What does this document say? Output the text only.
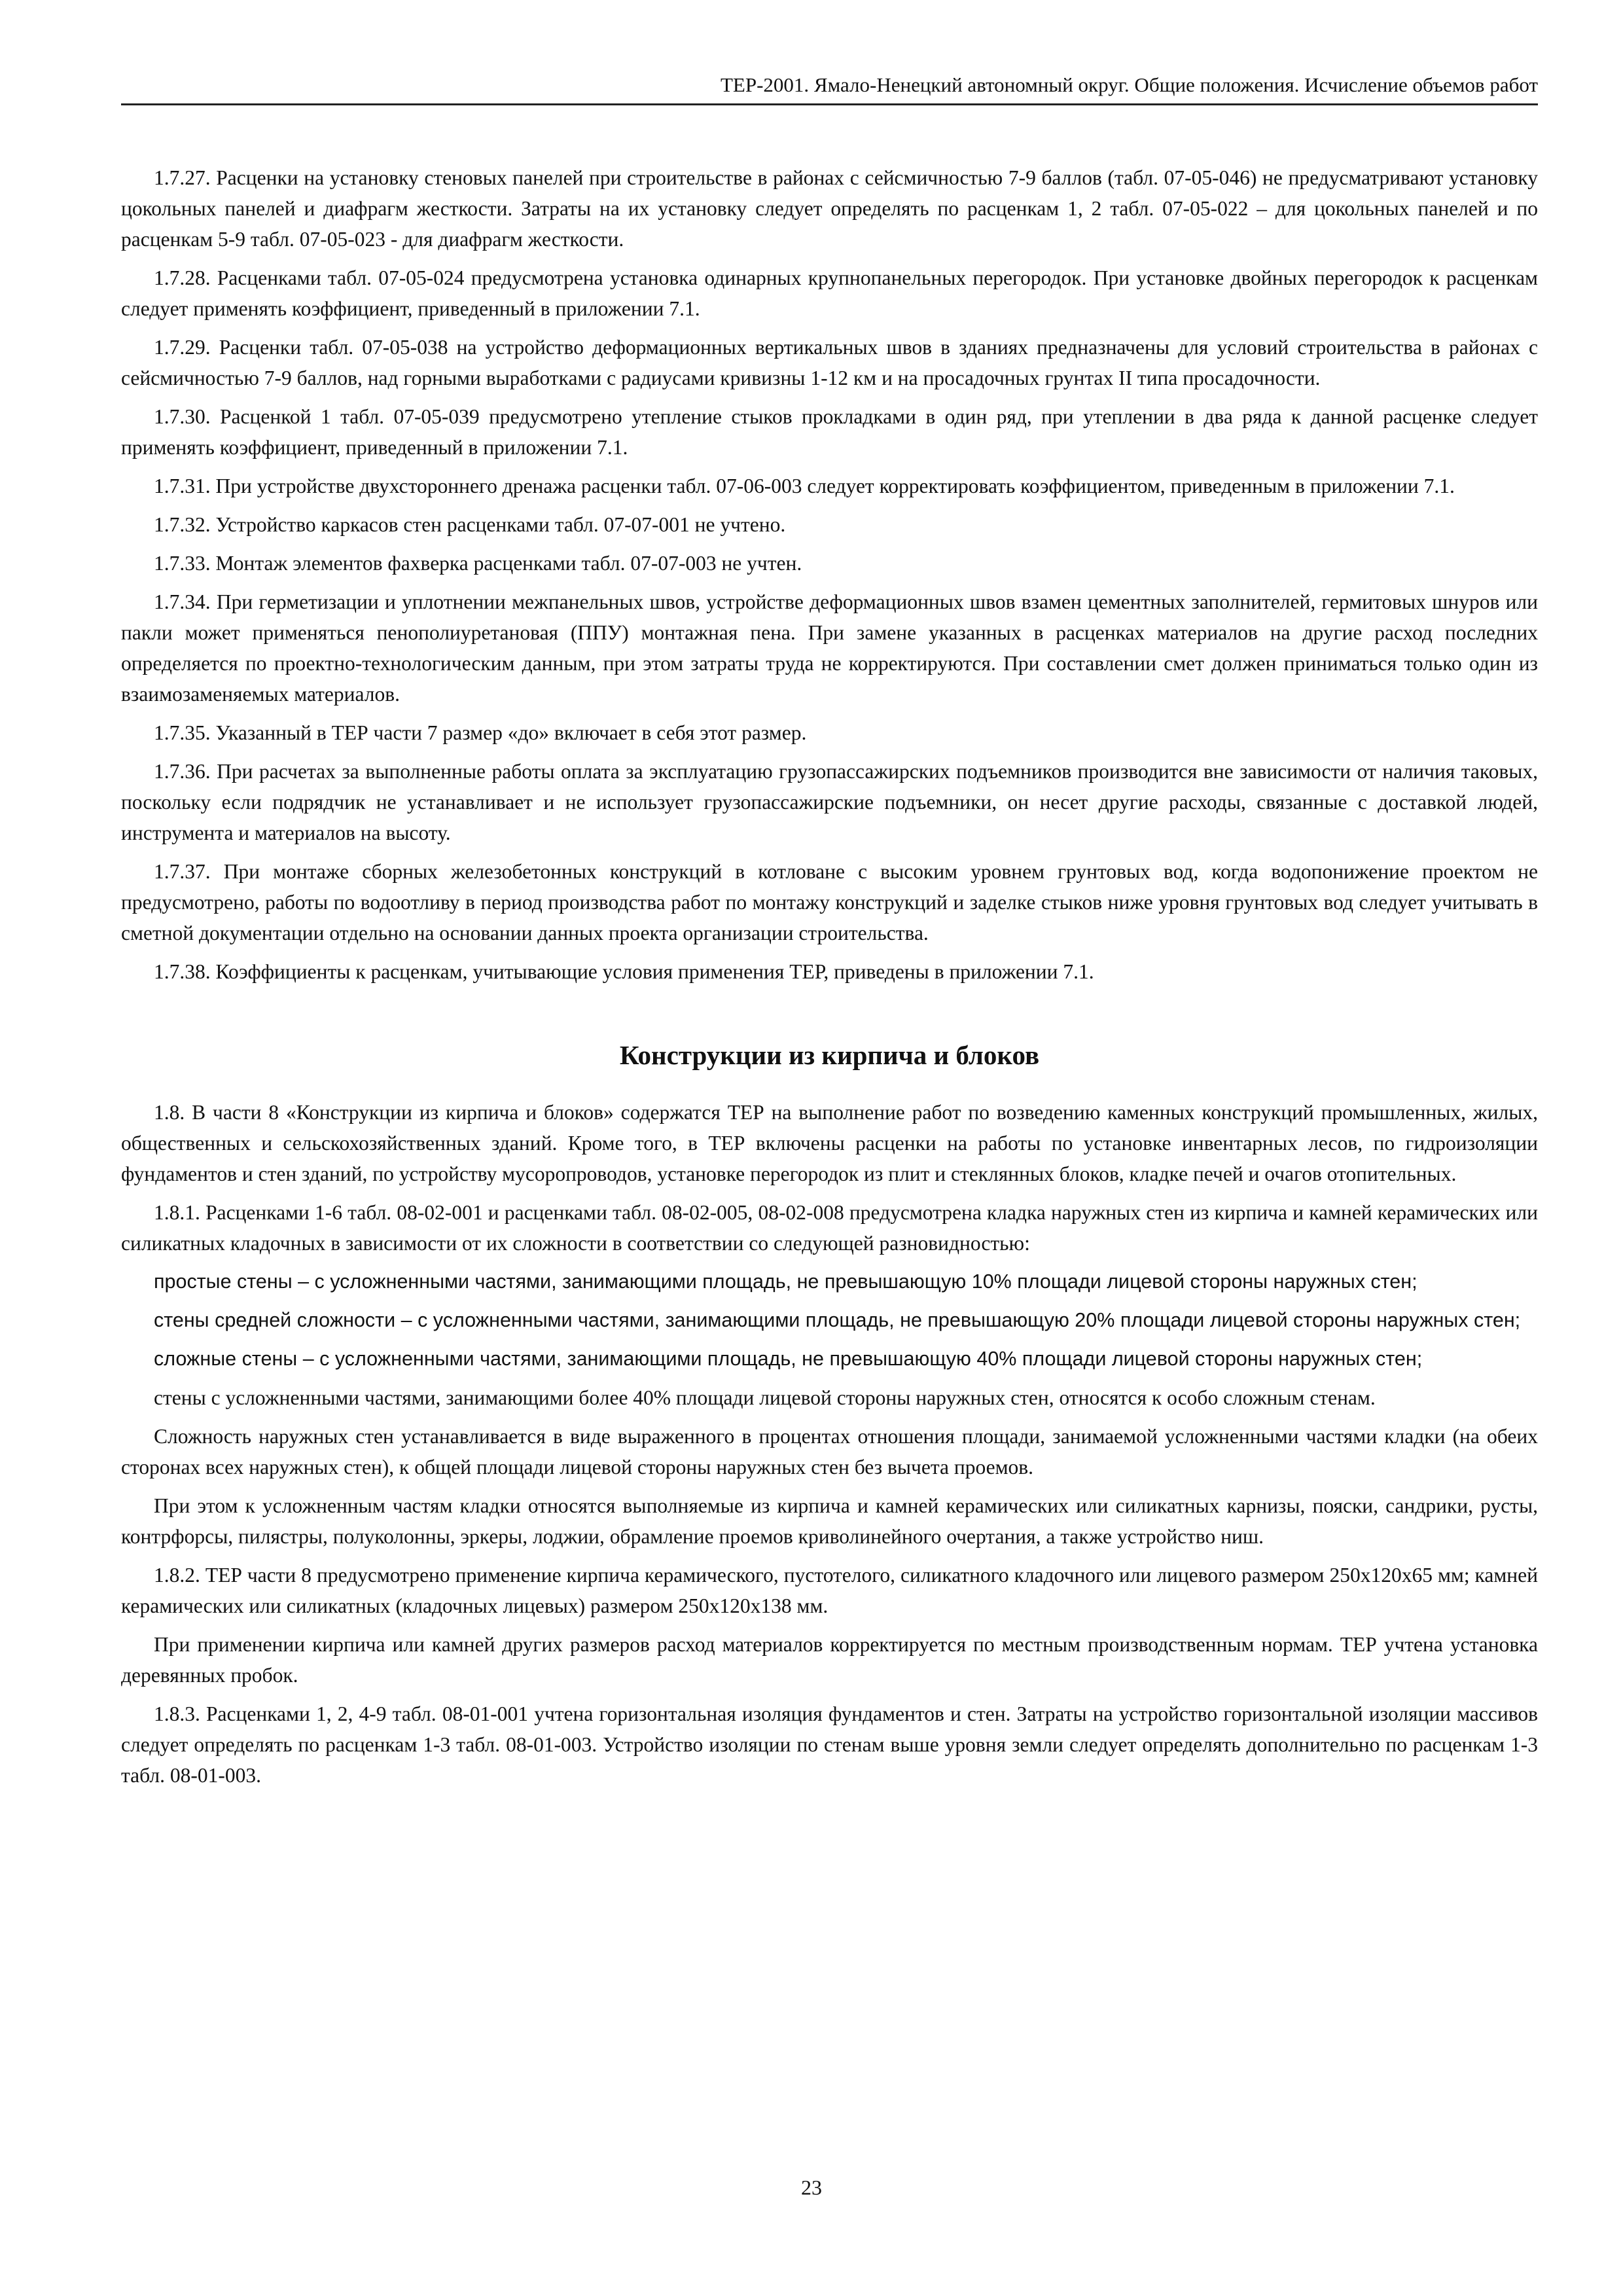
ТЕР-2001. Ямало-Ненецкий автономный округ. Общие положения. Исчисление объемов работ

1.7.27. Расценки на установку стеновых панелей при строительстве в районах с сейсмичностью 7-9 баллов (табл. 07-05-046) не предусматривают установку цокольных панелей и диафрагм жесткости. Затраты на их установку следует определять по расценкам 1, 2 табл. 07-05-022 – для цокольных панелей и по расценкам 5-9 табл. 07-05-023 - для диафрагм жесткости.

1.7.28. Расценками табл. 07-05-024 предусмотрена установка одинарных крупнопанельных перегородок. При установке двойных перегородок к расценкам следует применять коэффициент, приведенный в приложении 7.1.

1.7.29. Расценки табл. 07-05-038 на устройство деформационных вертикальных швов в зданиях предназначены для условий строительства в районах с сейсмичностью 7-9 баллов, над горными выработками с радиусами кривизны 1-12 км и на просадочных грунтах II типа просадочности.

1.7.30. Расценкой 1 табл. 07-05-039 предусмотрено утепление стыков прокладками в один ряд, при утеплении в два ряда к данной расценке следует применять коэффициент, приведенный в приложении 7.1.

1.7.31. При устройстве двухстороннего дренажа расценки табл. 07-06-003 следует корректировать коэффициентом, приведенным в приложении 7.1.

1.7.32. Устройство каркасов стен расценками табл. 07-07-001 не учтено.

1.7.33. Монтаж элементов фахверка расценками табл. 07-07-003 не учтен.

1.7.34. При герметизации и уплотнении межпанельных швов, устройстве деформационных швов взамен цементных заполнителей, гермитовых шнуров или пакли может применяться пенополиуретановая (ППУ) монтажная пена. При замене указанных в расценках материалов на другие расход последних определяется по проектно-технологическим данным, при этом затраты труда не корректируются. При составлении смет должен приниматься только один из взаимозаменяемых материалов.

1.7.35. Указанный в ТЕР части 7 размер «до» включает в себя этот размер.

1.7.36. При расчетах за выполненные работы оплата за эксплуатацию грузопассажирских подъемников производится вне зависимости от наличия таковых, поскольку если подрядчик не устанавливает и не использует грузопассажирские подъемники, он несет другие расходы, связанные с доставкой людей, инструмента и материалов на высоту.

1.7.37. При монтаже сборных железобетонных конструкций в котловане с высоким уровнем грунтовых вод, когда водопонижение проектом не предусмотрено, работы по водоотливу в период производства работ по монтажу конструкций и заделке стыков ниже уровня грунтовых вод следует учитывать в сметной документации отдельно на основании данных проекта организации строительства.

1.7.38. Коэффициенты к расценкам, учитывающие условия применения ТЕР, приведены в приложении 7.1.

Конструкции из кирпича и блоков

1.8. В части 8 «Конструкции из кирпича и блоков» содержатся ТЕР на выполнение работ по возведению каменных конструкций промышленных, жилых, общественных и сельскохозяйственных зданий. Кроме того, в ТЕР включены расценки на работы по установке инвентарных лесов, по гидроизоляции фундаментов и стен зданий, по устройству мусоропроводов, установке перегородок из плит и стеклянных блоков, кладке печей и очагов отопительных.

1.8.1. Расценками 1-6 табл. 08-02-001 и расценками табл. 08-02-005, 08-02-008 предусмотрена кладка наружных стен из кирпича и камней керамических или силикатных кладочных в зависимости от их сложности в соответствии со следующей разновидностью:

простые стены – с усложненными частями, занимающими площадь, не превышающую 10% площади лицевой стороны наружных стен;

стены средней сложности – с усложненными частями, занимающими площадь, не превышающую 20% площади лицевой стороны наружных стен;

сложные стены – с усложненными частями, занимающими площадь, не превышающую 40% площади лицевой стороны наружных стен;

стены с усложненными частями, занимающими более 40% площади лицевой стороны наружных стен, относятся к особо сложным стенам.

Сложность наружных стен устанавливается в виде выраженного в процентах отношения площади, занимаемой усложненными частями кладки (на обеих сторонах всех наружных стен), к общей площади лицевой стороны наружных стен без вычета проемов.

При этом к усложненным частям кладки относятся выполняемые из кирпича и камней керамических или силикатных карнизы, пояски, сандрики, русты, контрфорсы, пилястры, полуколонны, эркеры, лоджии, обрамление проемов криволинейного очертания, а также устройство ниш.

1.8.2. ТЕР части 8 предусмотрено применение кирпича керамического, пустотелого, силикатного кладочного или лицевого размером 250х120х65 мм; камней керамических или силикатных (кладочных лицевых) размером 250х120х138 мм.

При применении кирпича или камней других размеров расход материалов корректируется по местным производственным нормам. ТЕР учтена установка деревянных пробок.

1.8.3. Расценками 1, 2, 4-9 табл. 08-01-001 учтена горизонтальная изоляция фундаментов и стен. Затраты на устройство горизонтальной изоляции массивов следует определять по расценкам 1-3 табл. 08-01-003. Устройство изоляции по стенам выше уровня земли следует определять дополнительно по расценкам 1-3 табл. 08-01-003.

23
